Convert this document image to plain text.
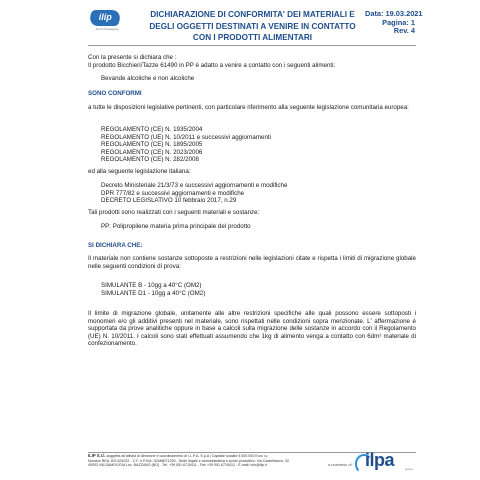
ilip
Fresh Packaging
DICHIARAZIONE DI CONFORMITA' DEI MATERIALI E
DEGLI OGGETTI DESTINATI A VENIRE IN CONTATTO
CON I PRODOTTI ALIMENTARI
Data: 19.03.2021
Pagina: 1
Rev. 4

Con la presente si dichiara che :

Il prodotto Bicchieri/Tazze 61490 in PP è adatto a venire a contatto con i seguenti alimenti:

Bevande alcoliche e non alcoliche

SONO CONFORMI

a tutte le disposizioni legislative pertinenti, con particolare riferimento alla seguente legislazione comunitaria europea:

REGOLAMENTO (CE) N. 1935/2004

REGOLAMENTO (UE) N. 10/2011 e successivi aggiornamenti

REGOLAMENTO (CE) N. 1895/2005

REGOLAMENTO (CE) N. 2023/2006

REGOLAMENTO (CE) N. 282/2008

ed alla seguente legislazione italiana:

Decreto Ministeriale 21/3/73 e successivi aggiornamenti e modifiche

DPR 777/82 e successivi aggiornamenti e modifiche

DECRETO LEGISLATIVO 10 febbraio 2017, n.29

Tali prodotti sono realizzati con i seguenti materiali e sostanze:

PP: Polipropilene materia prima principale del prodotto

SI DICHIARA CHE:

Il materiale non contiene sostanze sottoposte a restrizioni nelle legislazioni citate e rispetta i limiti di migrazione globale nelle seguenti condizioni di prova:

SIMULANTE B - 10gg a 40°C (OM2)

SIMULANTE D1 - 10gg a 40°C (OM2)

Il limite di migrazione globale, unitamente alle altre restrizioni specifiche alle quali possono essere sottoposti i monomeri e/o gli additivi presenti nel materiale, sono rispettati nelle condizioni sopra menzionate. L' affermazione è supportata da prove analitiche oppure in base a calcoli sulla migrazione delle sostanze in accordo con il Regolamento (UE) N. 10/2011. I calcoli sono stati effettuati assumendo che 1kg di alimento venga a contatto con 6dm² materiale di confezionamento.

ILIP S.r.l. soggetta all'attività di direzione e coordinamento di I.L.P.A. S.p.A | Capitale sociale 5.000.000 Euro i.v.
Numero REA: BO-524037 - C.F. e P.IVA: 02488071200 - Sede legale e amministrativa e punto produttivo: Via Castelfranco, 32
40053 VALSAMOGGIA Loc. BAZZANO (BO) - Tel. +39 051 6715411 - Fax +39 051 6715412 - E-mail: info@ilip.it	a business of ilpa	group
